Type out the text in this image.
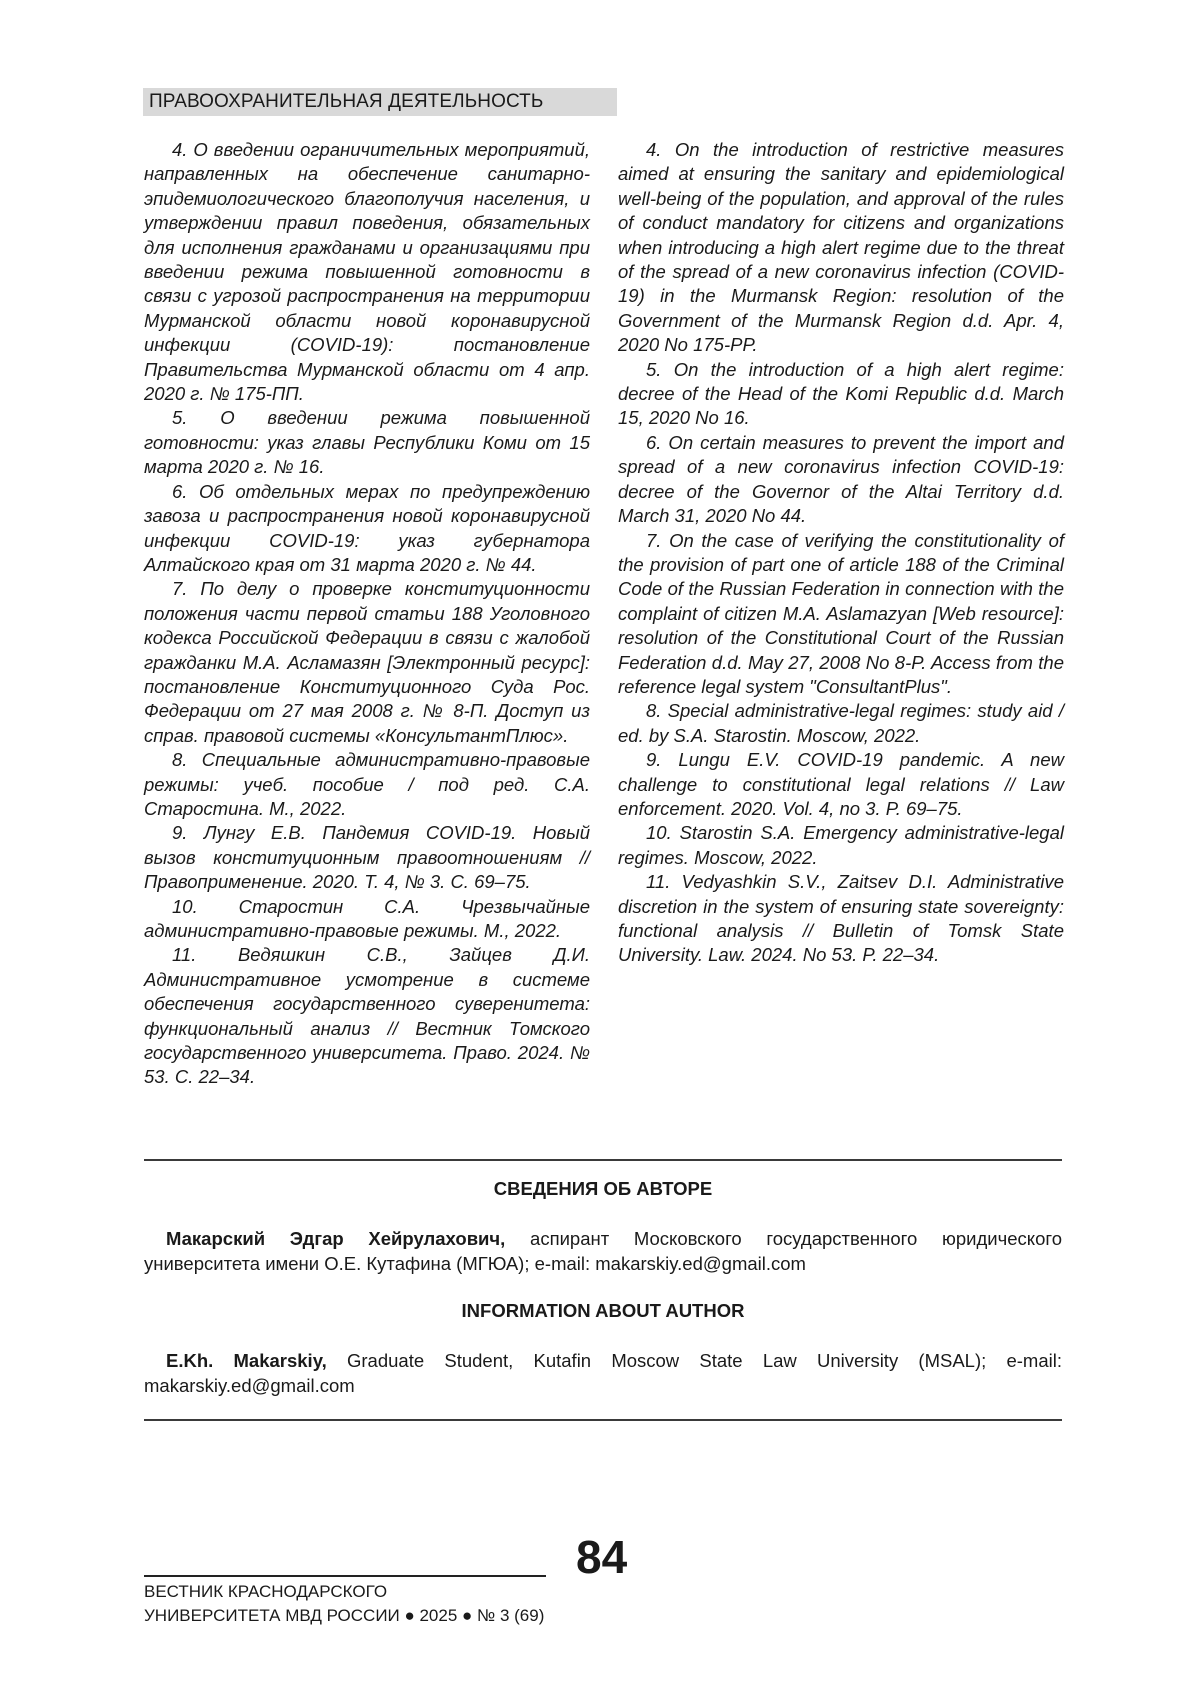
ПРАВООХРАНИТЕЛЬНАЯ ДЕЯТЕЛЬНОСТЬ

4. О введении ограничительных мероприятий, направленных на обеспечение санитарно-эпидемиологического благополучия населения, и утверждении правил поведения, обязательных для исполнения гражданами и организациями при введении режима повышенной готовности в связи с угрозой распространения на территории Мурманской области новой коронавирусной инфекции (COVID-19): постановление Правительства Мурманской области от 4 апр. 2020 г. № 175-ПП.

5. О введении режима повышенной готовности: указ главы Республики Коми от 15 марта 2020 г. № 16.

6. Об отдельных мерах по предупреждению завоза и распространения новой коронавирусной инфекции COVID-19: указ губернатора Алтайского края от 31 марта 2020 г. № 44.

7. По делу о проверке конституционности положения части первой статьи 188 Уголовного кодекса Российской Федерации в связи с жалобой гражданки М.А. Асламазян [Электронный ресурс]: постановление Конституционного Суда Рос. Федерации от 27 мая 2008 г. № 8-П. Доступ из справ. правовой системы «КонсультантПлюс».

8. Специальные административно-правовые режимы: учеб. пособие / под ред. С.А. Старостина. М., 2022.

9. Лунгу Е.В. Пандемия COVID-19. Новый вызов конституционным правоотношениям // Правоприменение. 2020. Т. 4, № 3. С. 69–75.

10. Старостин С.А. Чрезвычайные административно-правовые режимы. М., 2022.

11. Ведяшкин С.В., Зайцев Д.И. Административное усмотрение в системе обеспечения государственного суверенитета: функциональный анализ // Вестник Томского государственного университета. Право. 2024. № 53. С. 22–34.

4. On the introduction of restrictive measures aimed at ensuring the sanitary and epidemiological well-being of the population, and approval of the rules of conduct mandatory for citizens and organizations when introducing a high alert regime due to the threat of the spread of a new coronavirus infection (COVID-19) in the Murmansk Region: resolution of the Government of the Murmansk Region d.d. Apr. 4, 2020 No 175-PP.

5. On the introduction of a high alert regime: decree of the Head of the Komi Republic d.d. March 15, 2020 No 16.

6. On certain measures to prevent the import and spread of a new coronavirus infection COVID-19: decree of the Governor of the Altai Territory d.d. March 31, 2020 No 44.

7. On the case of verifying the constitutionality of the provision of part one of article 188 of the Criminal Code of the Russian Federation in connection with the complaint of citizen M.A. Aslamazyan [Web resource]: resolution of the Constitutional Court of the Russian Federation d.d. May 27, 2008 No 8-P. Access from the reference legal system "ConsultantPlus".

8. Special administrative-legal regimes: study aid / ed. by S.A. Starostin. Moscow, 2022.

9. Lungu E.V. COVID-19 pandemic. A new challenge to constitutional legal relations // Law enforcement. 2020. Vol. 4, no 3. P. 69–75.

10. Starostin S.A. Emergency administrative-legal regimes. Moscow, 2022.

11. Vedyashkin S.V., Zaitsev D.I. Administrative discretion in the system of ensuring state sovereignty: functional analysis // Bulletin of Tomsk State University. Law. 2024. No 53. P. 22–34.

СВЕДЕНИЯ ОБ АВТОРЕ

Макарский Эдгар Хейрулахович, аспирант Московского государственного юридического университета имени О.Е. Кутафина (МГЮА); e-mail: makarskiy.ed@gmail.com

INFORMATION ABOUT AUTHOR

E.Kh. Makarskiy, Graduate Student, Kutafin Moscow State Law University (MSAL); e-mail: makarskiy.ed@gmail.com

84
ВЕСТНИК КРАСНОДАРСКОГО
УНИВЕРСИТЕТА МВД РОССИИ ● 2025 ● № 3 (69)
